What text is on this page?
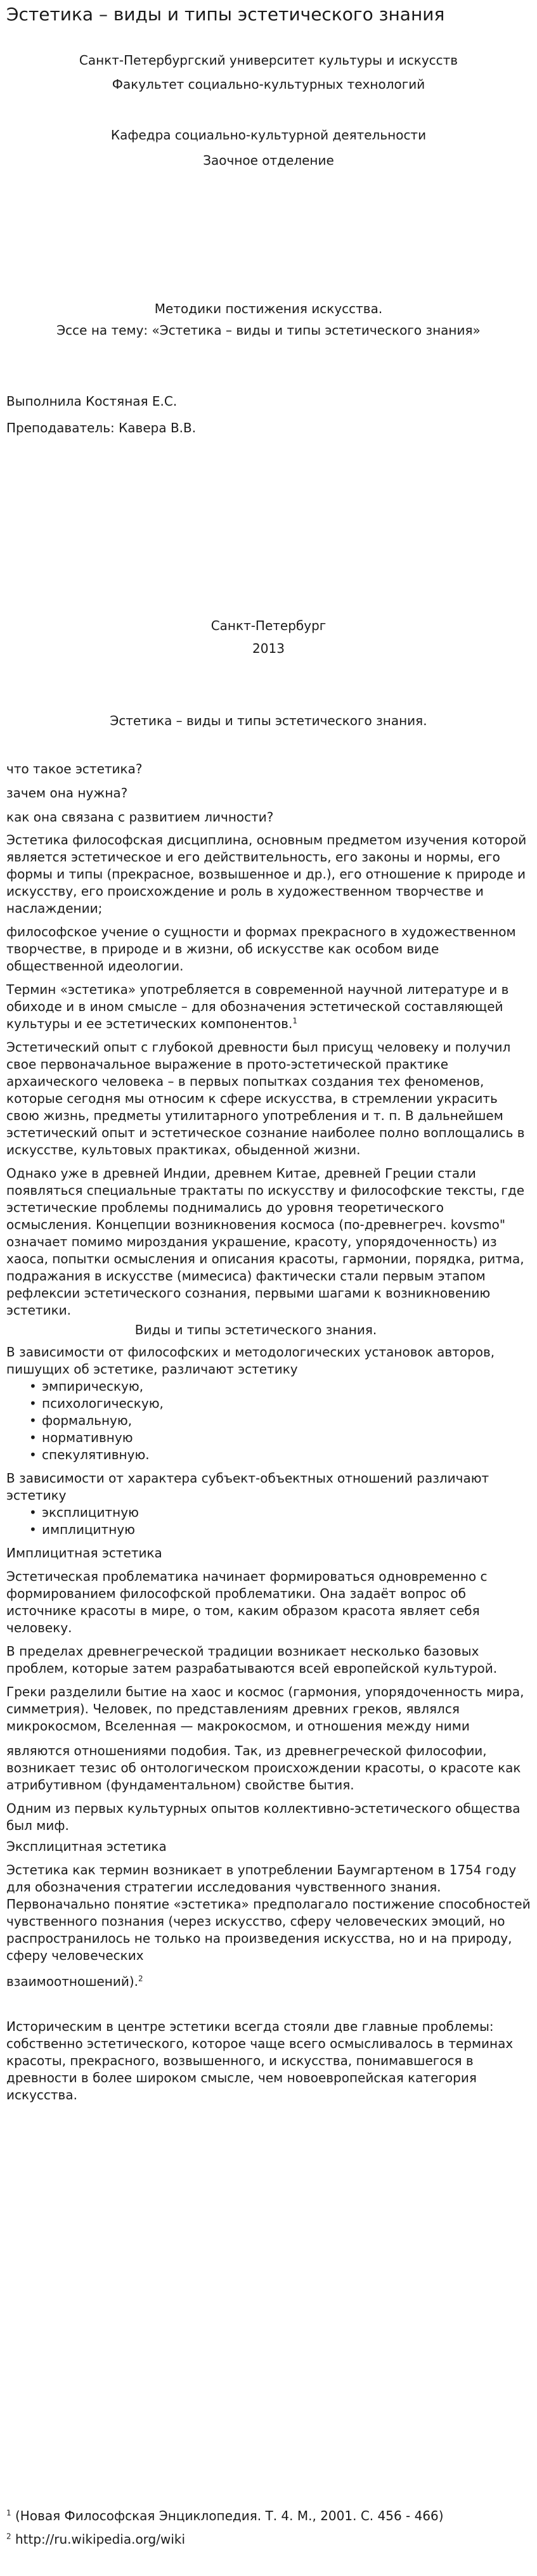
Эстетика – виды и типы эстетического знания

Санкт-Петербургский университет культуры и искусств

Факультет социально-культурных технологий

Кафедра социально-культурной деятельности

Заочное отделение

Методики постижения искусства.

Эссе на тему: «Эстетика – виды и типы эстетического знания»

Выполнила Костяная Е.С.

Преподаватель: Кавера В.В.

Санкт-Петербург

2013

Эстетика – виды и типы эстетического знания.

что такое эстетика?

зачем она нужна?

как она связана с развитием личности?

Эстетика философская дисциплина, основным предметом изучения которой является эстетическое и его действительность, его законы и нормы, его формы и типы (прекрасное, возвышенное и др.), его отношение к природе и искусству, его происхождение и роль в художественном творчестве и наслаждении;

философское учение о сущности и формах прекрасного в художественном творчестве, в природе и в жизни, об искусстве как особом виде общественной идеологии.

Термин «эстетика» употребляется в современной научной литературе и в обиходе и в ином смысле – для обозначения эстетической составляющей культуры и ее эстетических компонентов.$^1$

Эстетический опыт с глубокой древности был присущ человеку и получил свое первоначальное выражение в прото-эстетической практике архаического человека – в первых попытках создания тех феноменов, которые сегодня мы относим к сфере искусства, в стремлении украсить свою жизнь, предметы утилитарного употребления и т. п. В дальнейшем эстетический опыт и эстетическое сознание наиболее полно воплощались в искусстве, культовых практиках, обыденной жизни.

Однако уже в древней Индии, древнем Китае, древней Греции стали появляться специальные трактаты по искусству и философские тексты, где эстетические проблемы поднимались до уровня теоретического осмысления. Концепции возникновения космоса (по-древнегреч. kovsmo" означает помимо мироздания украшение, красоту, упорядоченность) из хаоса, попытки осмысления и описания красоты, гармонии, порядка, ритма, подражания в искусстве (мимесиса) фактически стали первым этапом рефлексии эстетического сознания, первыми шагами к возникновению эстетики.

Виды и типы эстетического знания.

В зависимости от философских и методологических установок авторов, пишущих об эстетике, различают эстетику

• эмпирическую,
• психологическую,
• формальную,
• нормативную
• спекулятивную.

В зависимости от характера субъект-объектных отношений различают эстетику

• эксплицитную
• имплицитную

Имплицитная эстетика

Эстетическая проблематика начинает формироваться одновременно с формированием философской проблематики. Она задаёт вопрос об источнике красоты в мире, о том, каким образом красота являет себя человеку.

В пределах древнегреческой традиции возникает несколько базовых проблем, которые затем разрабатываются всей европейской культурой.

Греки разделили бытие на хаос и космос (гармония, упорядоченность мира, симметрия). Человек, по представлениям древних греков, являлся микрокосмом, Вселенная — макрокосмом, и отношения между ними

являются отношениями подобия. Так, из древнегреческой философии, возникает тезис об онтологическом происхождении красоты, о красоте как атрибутивном (фундаментальном) свойстве бытия.

Одним из первых культурных опытов коллективно-эстетического общества был миф.

Эксплицитная эстетика

Эстетика как термин возникает в употреблении Баумгартеном в 1754 году для обозначения стратегии исследования чувственного знания. Первоначально понятие «эстетика» предполагало постижение способностей чувственного познания (через искусство, сферу человеческих эмоций, но распространилось не только на произведения искусства, но и на природу, сферу человеческих

взаимоотношений).$^2$

Историческим в центре эстетики всегда стояли две главные проблемы: собственно эстетического, которое чаще всего осмысливалось в терминах красоты, прекрасного, возвышенного, и искусства, понимавшегося в древности в более широком смысле, чем новоевропейская категория искусства.

$^1$ (Новая Философская Энциклопедия. Т. 4. М., 2001. С. 456 - 466)

$^2$ http://ru.wikipedia.org/wiki
